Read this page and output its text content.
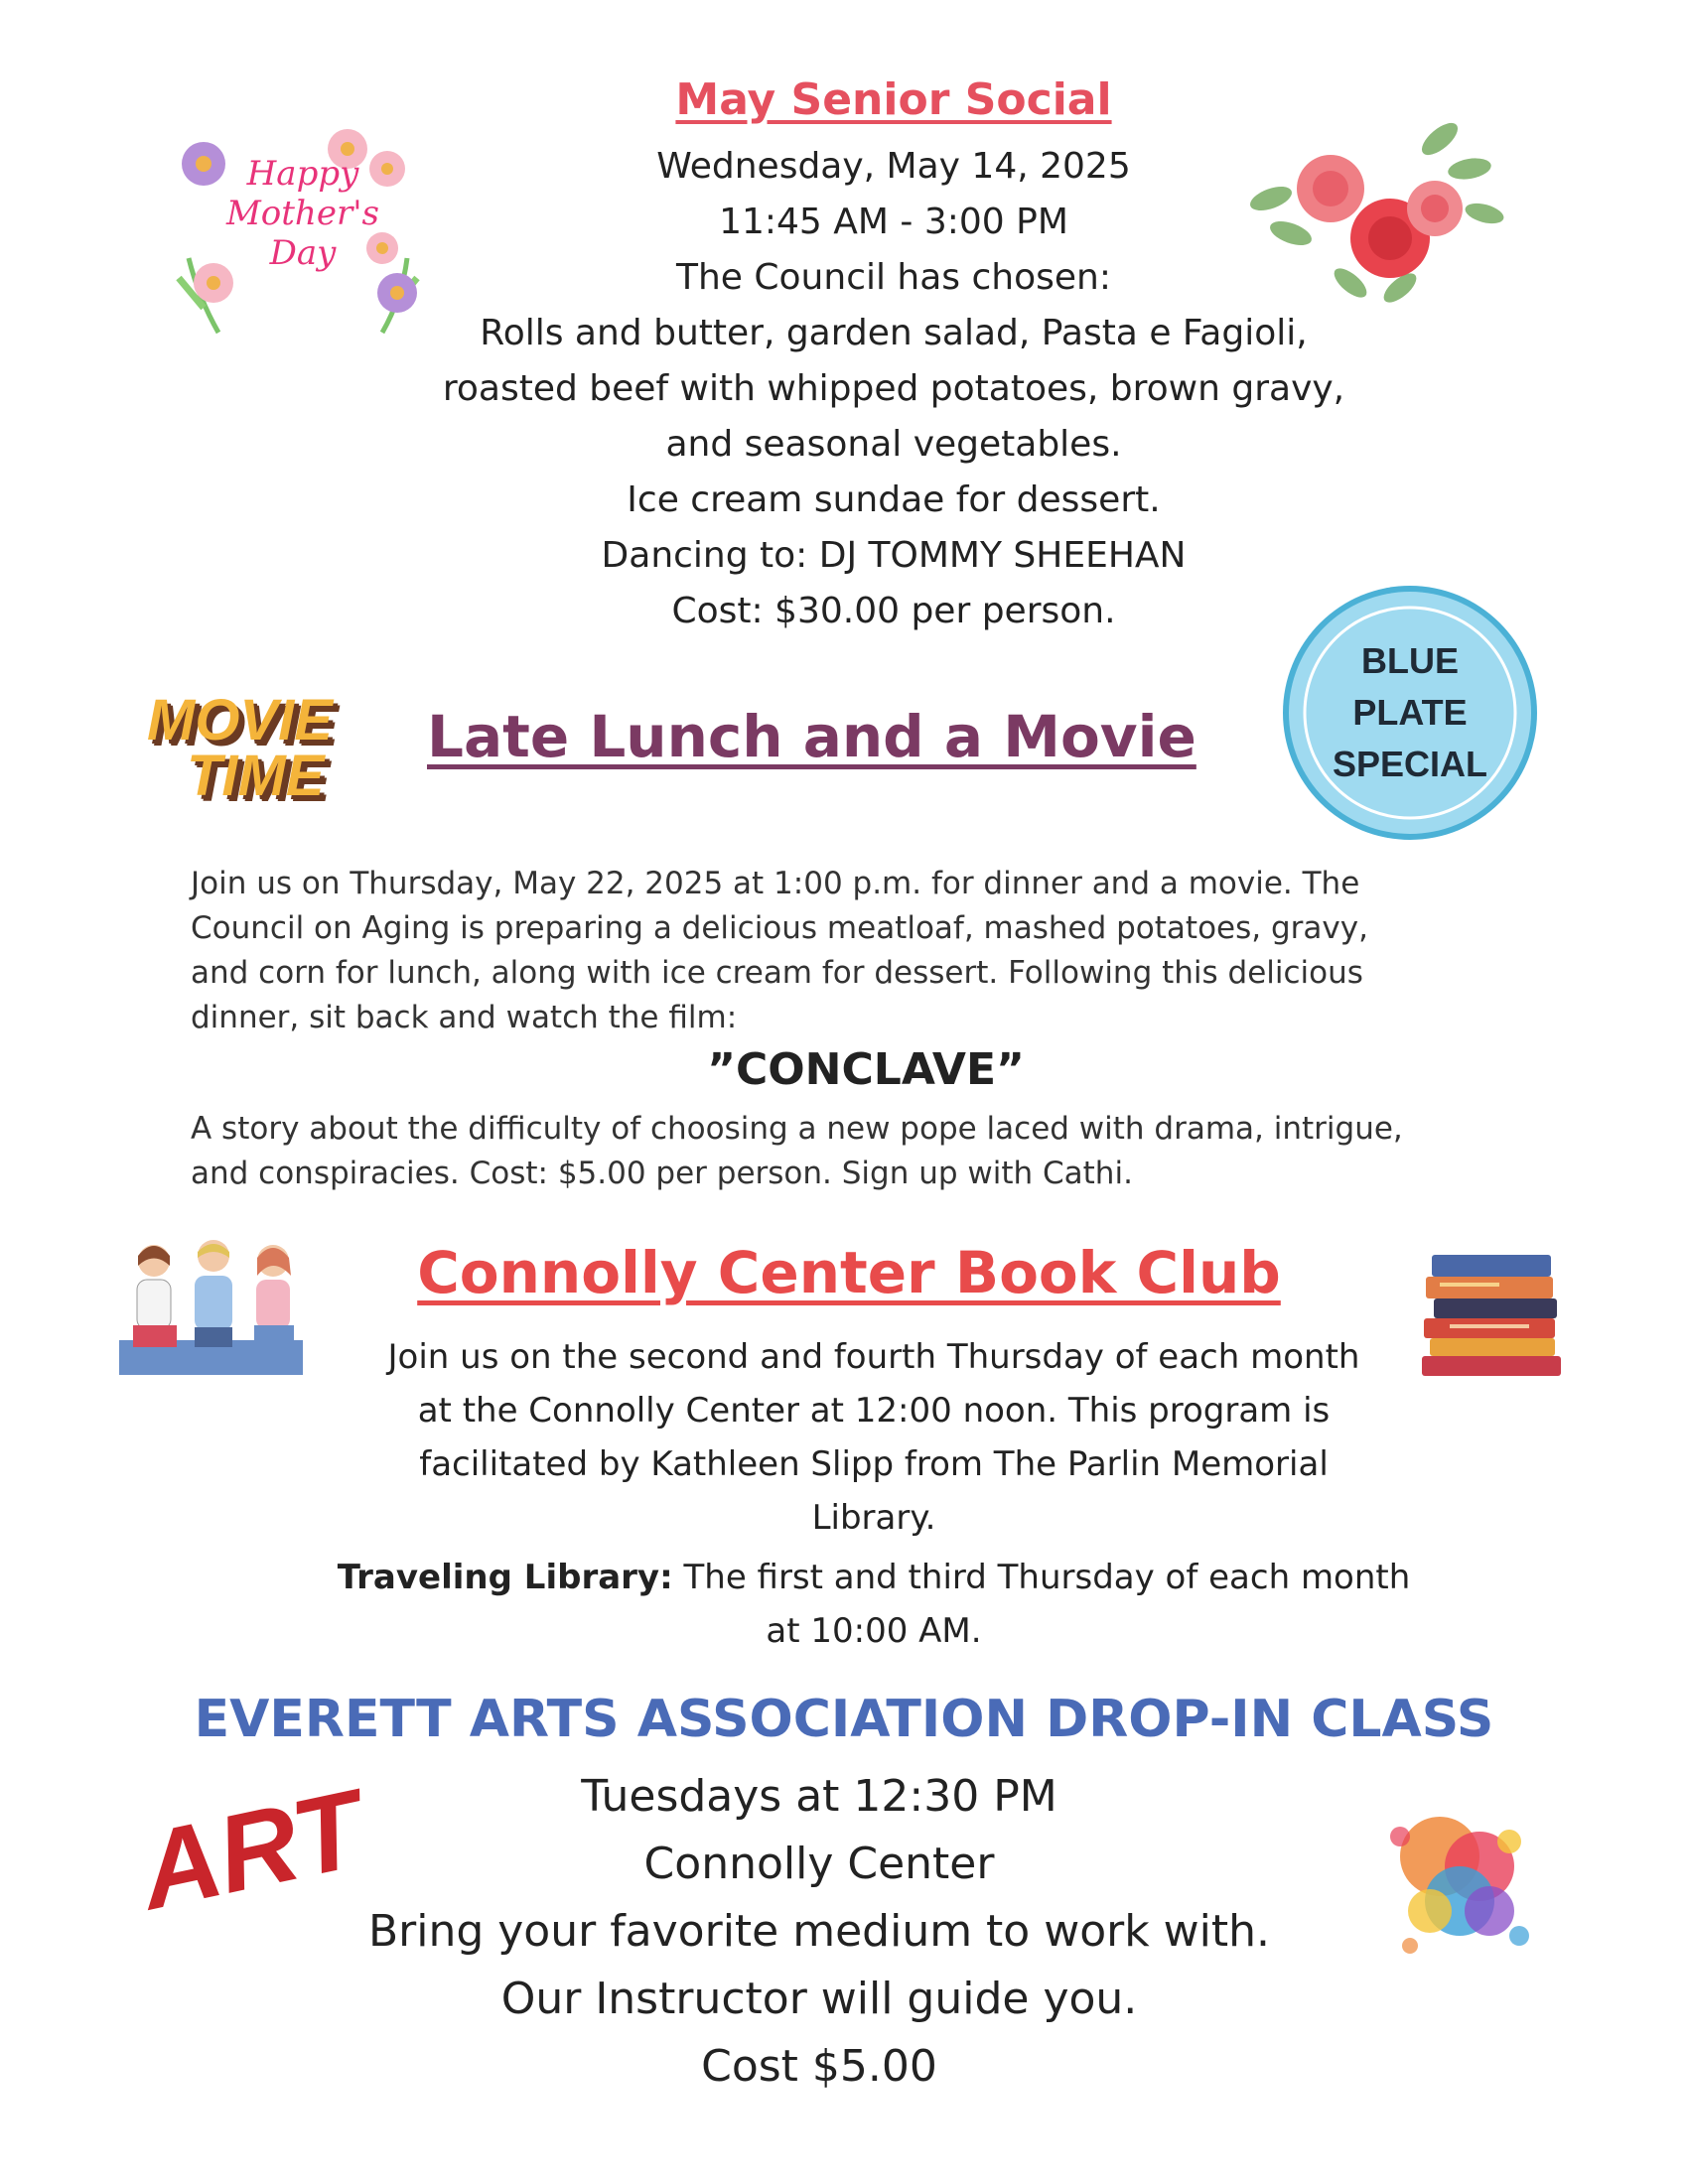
Happy
Mother's
Day
May Senior Social
Wednesday, May 14, 2025
11:45 AM - 3:00 PM
The Council has chosen:
Rolls and butter, garden salad, Pasta e Fagioli,
roasted beef with whipped potatoes, brown gravy,
and seasonal vegetables.
Ice cream sundae for dessert.
Dancing to: DJ TOMMY SHEEHAN
Cost: $30.00 per person.
MOVIE
TIME
Late Lunch and a Movie
BLUE
PLATE
SPECIAL
Join us on Thursday, May 22, 2025 at 1:00 p.m. for dinner and a movie. The
Council on Aging is preparing a delicious meatloaf, mashed potatoes, gravy,
and corn for lunch, along with ice cream for dessert. Following this delicious
dinner, sit back and watch the film:
”CONCLAVE”
A story about the difficulty of choosing a new pope laced with drama, intrigue,
and conspiracies. Cost: $5.00 per person. Sign up with Cathi.
Connolly Center Book Club
Join us on the second and fourth Thursday of each month
at the Connolly Center at 12:00 noon. This program is
facilitated by Kathleen Slipp from The Parlin Memorial
Library.
Traveling Library: The first and third Thursday of each month
at 10:00 AM.
EVERETT ARTS ASSOCIATION DROP-IN CLASS
ART	Tuesdays at 12:30 PM
Connolly Center
Bring your favorite medium to work with.
Our Instructor will guide you.
Cost $5.00
